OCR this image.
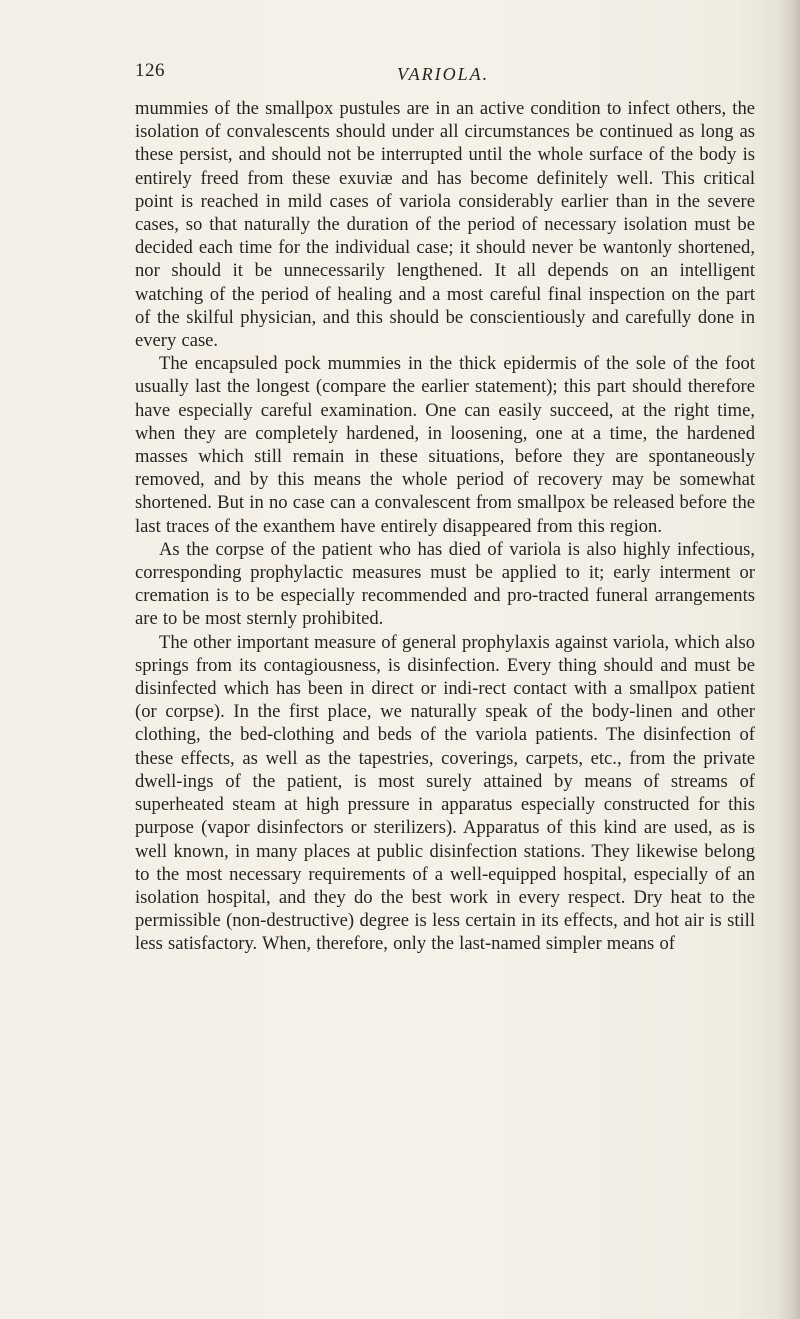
126	VARIOLA.

mummies of the smallpox pustules are in an active condition to infect others, the isolation of convalescents should under all circumstances be continued as long as these persist, and should not be interrupted until the whole surface of the body is entirely freed from these exuviæ and has become definitely well. This critical point is reached in mild cases of variola considerably earlier than in the severe cases, so that naturally the duration of the period of necessary isolation must be decided each time for the individual case; it should never be wantonly shortened, nor should it be unnecessarily lengthened. It all depends on an intelligent watching of the period of healing and a most careful final inspection on the part of the skilful physician, and this should be conscientiously and carefully done in every case.

The encapsuled pock mummies in the thick epidermis of the sole of the foot usually last the longest (compare the earlier statement); this part should therefore have especially careful examination. One can easily succeed, at the right time, when they are completely hardened, in loosening, one at a time, the hardened masses which still remain in these situations, before they are spontaneously removed, and by this means the whole period of recovery may be somewhat shortened. But in no case can a convalescent from smallpox be released before the last traces of the exanthem have entirely disappeared from this region.

As the corpse of the patient who has died of variola is also highly infectious, corresponding prophylactic measures must be applied to it; early interment or cremation is to be especially recommended and pro-tracted funeral arrangements are to be most sternly prohibited.

The other important measure of general prophylaxis against variola, which also springs from its contagiousness, is disinfection. Every thing should and must be disinfected which has been in direct or indi-rect contact with a smallpox patient (or corpse). In the first place, we naturally speak of the body-linen and other clothing, the bed-clothing and beds of the variola patients. The disinfection of these effects, as well as the tapestries, coverings, carpets, etc., from the private dwell-ings of the patient, is most surely attained by means of streams of superheated steam at high pressure in apparatus especially constructed for this purpose (vapor disinfectors or sterilizers). Apparatus of this kind are used, as is well known, in many places at public disinfection stations. They likewise belong to the most necessary requirements of a well-equipped hospital, especially of an isolation hospital, and they do the best work in every respect. Dry heat to the permissible (non-destructive) degree is less certain in its effects, and hot air is still less satisfactory. When, therefore, only the last-named simpler means of
